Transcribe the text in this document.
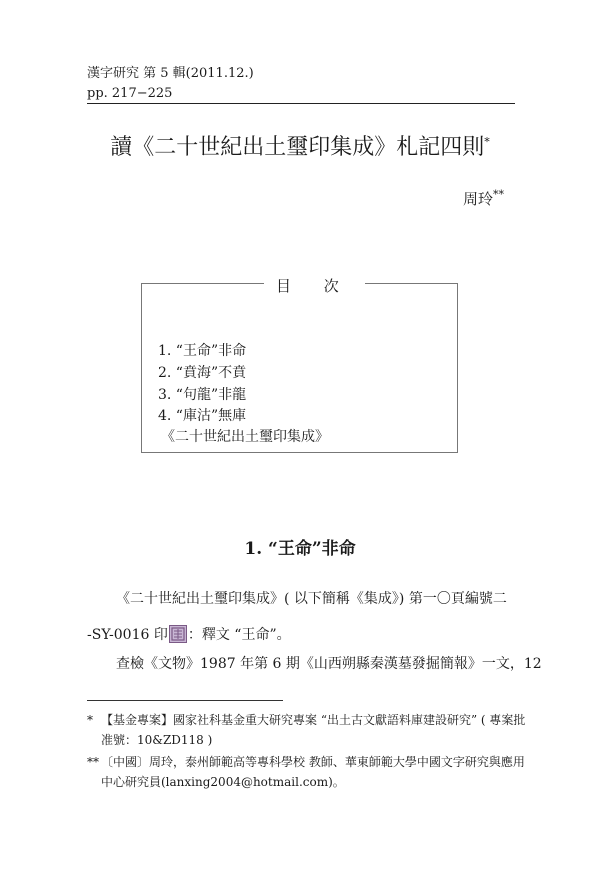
漢字研究 第 5 輯(2011.12.)
pp. 217−225
讀《二十世紀出土璽印集成》札記四則*
周玲**
目 次
1. “王命”非命
2. “賁海”不賁
3. “句龍”非龍
4. “庫沽”無庫
《二十世紀出土璽印集成》
1. “王命”非命
《二十世紀出土璽印集成》( 以下簡稱《集成》) 第一〇頁編號二
-SY-0016 印 ：釋文 “王命”。
查檢《文物》1987 年第 6 期《山西朔縣秦漢墓發掘簡報》一文，12
* 【基金專案】國家社科基金重大研究專案 “出土古文獻語料庫建設研究” ( 專案批准號：10&ZD118 )
** 〔中國〕周玲，泰州師範高等專科學校 教師、華東師範大學中國文字研究與應用中心研究員(lanxing2004@hotmail.com)。
